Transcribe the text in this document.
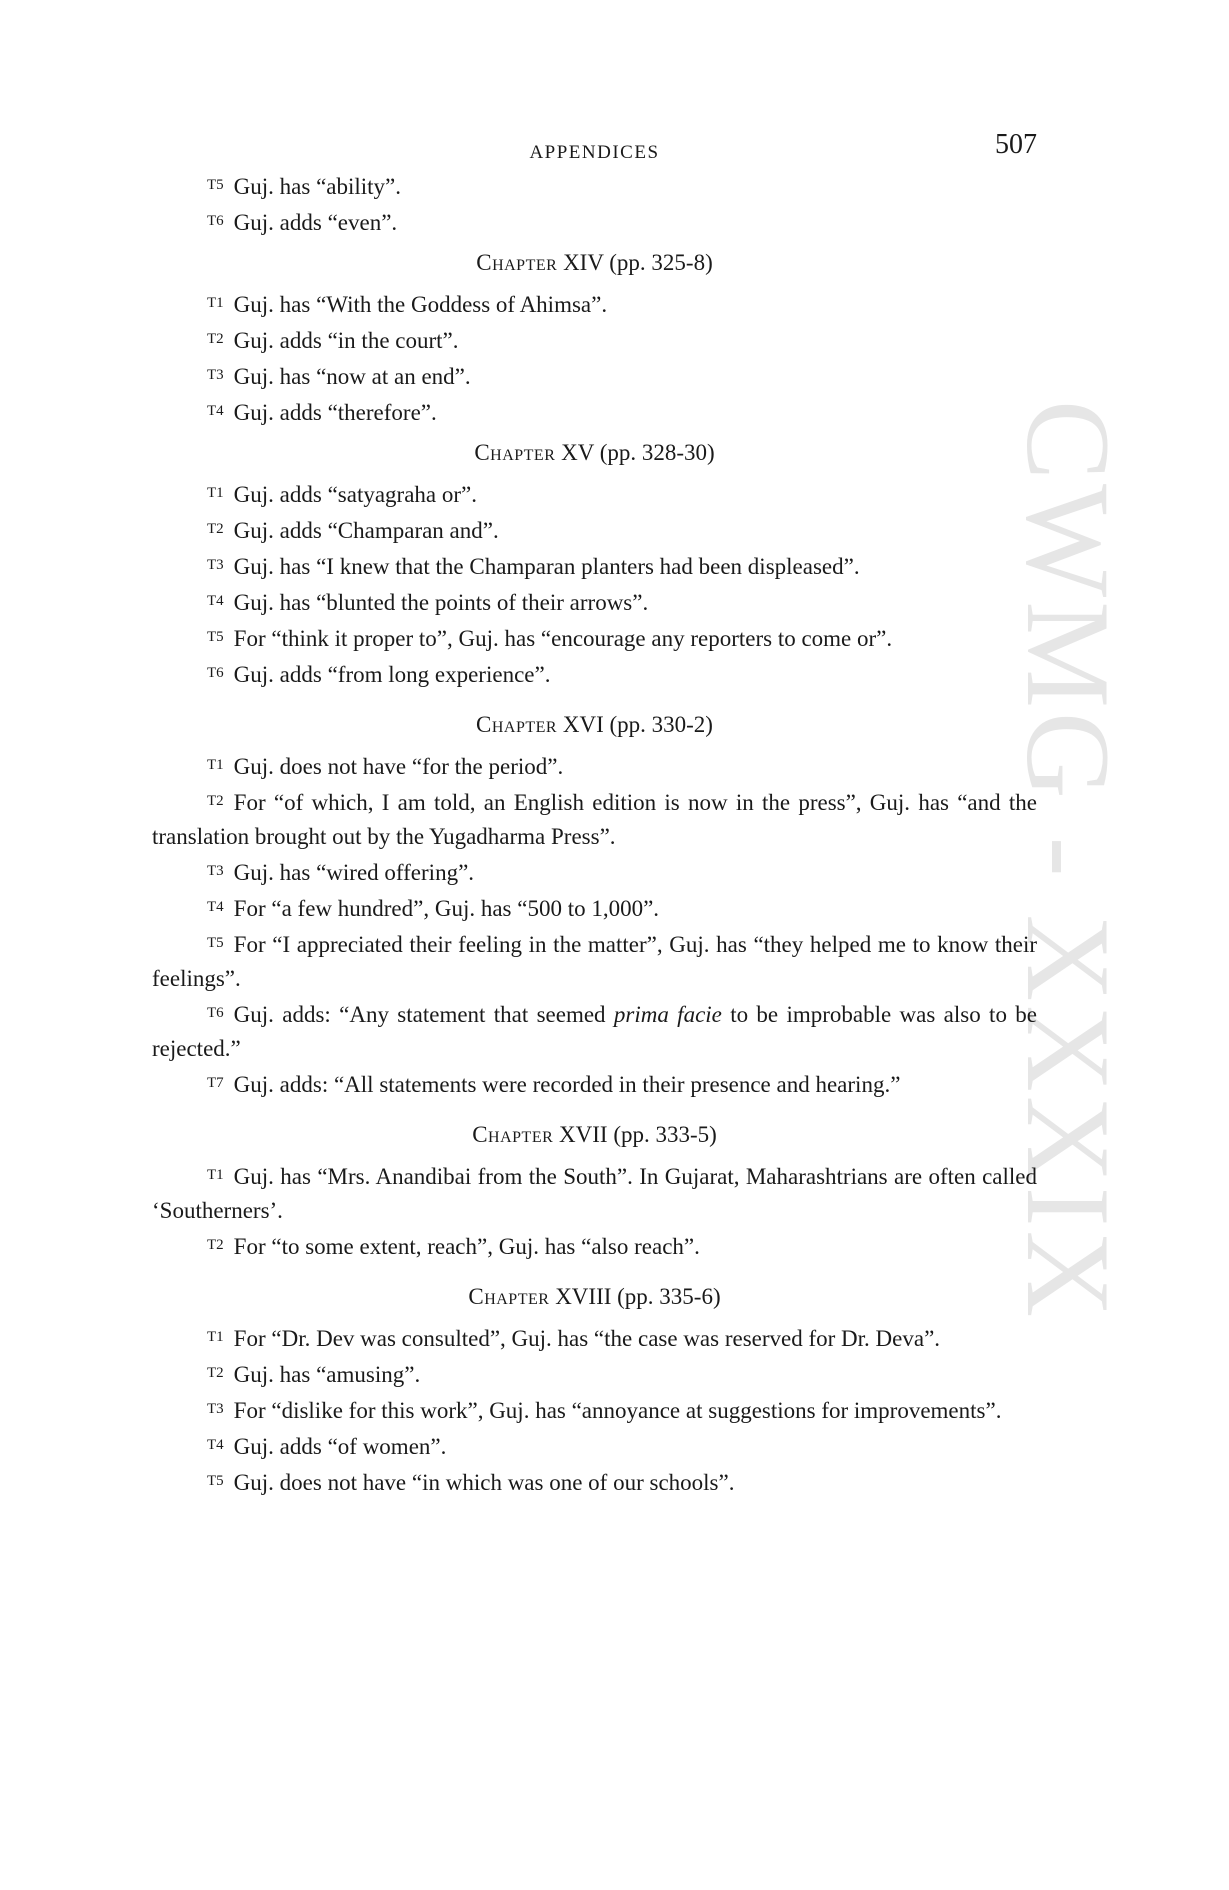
CWMG - XXXIX
APPENDICES	507

$^{T5}$ Guj. has “ability”.

$^{T6}$ Guj. adds “even”.

Chapter XIV (pp. 325-8)

$^{T1}$ Guj. has “With the Goddess of Ahimsa”.

$^{T2}$ Guj. adds “in the court”.

$^{T3}$ Guj. has “now at an end”.

$^{T4}$ Guj. adds “therefore”.

Chapter XV (pp. 328-30)

$^{T1}$ Guj. adds “satyagraha or”.

$^{T2}$ Guj. adds “Champaran and”.

$^{T3}$ Guj. has “I knew that the Champaran planters had been displeased”.

$^{T4}$ Guj. has “blunted the points of their arrows”.

$^{T5}$ For “think it proper to”, Guj. has “encourage any reporters to come or”.

$^{T6}$ Guj. adds “from long experience”.

Chapter XVI (pp. 330-2)

$^{T1}$ Guj. does not have “for the period”.

$^{T2}$ For “of which, I am told, an English edition is now in the press”, Guj. has “and the translation brought out by the Yugadharma Press”.

$^{T3}$ Guj. has “wired offering”.

$^{T4}$ For “a few hundred”, Guj. has “500 to 1,000”.

$^{T5}$ For “I appreciated their feeling in the matter”, Guj. has “they helped me to know their feelings”.

$^{T6}$ Guj. adds: “Any statement that seemed prima facie to be improbable was also to be rejected.”

$^{T7}$ Guj. adds: “All statements were recorded in their presence and hearing.”

Chapter XVII (pp. 333-5)

$^{T1}$ Guj. has “Mrs. Anandibai from the South”. In Gujarat, Maharashtrians are often called ‘Southerners’.

$^{T2}$ For “to some extent, reach”, Guj. has “also reach”.

Chapter XVIII (pp. 335-6)

$^{T1}$ For “Dr. Dev was consulted”, Guj. has “the case was reserved for Dr. Deva”.

$^{T2}$ Guj. has “amusing”.

$^{T3}$ For “dislike for this work”, Guj. has “annoyance at suggestions for improvements”.

$^{T4}$ Guj. adds “of women”.

$^{T5}$ Guj. does not have “in which was one of our schools”.
